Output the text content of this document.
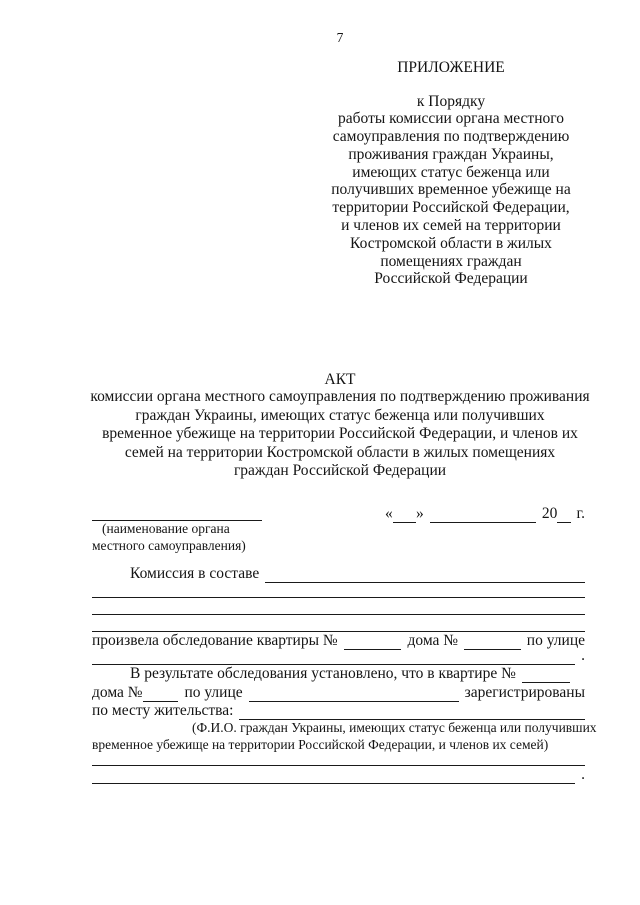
7
ПРИЛОЖЕНИЕ
к Порядку
работы комиссии органа местного
самоуправления по подтверждению
проживания граждан Украины,
имеющих статус беженца или
получивших временное убежище на
территории Российской Федерации,
и членов их семей на территории
Костромской области в жилых
помещениях граждан
Российской Федерации
АКТ
комиссии органа местного самоуправления по подтверждению проживания
граждан Украины, имеющих статус беженца или получивших
временное убежище на территории Российской Федерации, и членов их
семей на территории Костромской области в жилых помещениях
граждан Российской Федерации
« »	20 г.
(наименование органа
местного самоуправления)
Комиссия в составе
произвела обследование квартиры №	дома №	по улице
.
В результате обследования установлено, что в квартире №
дома №	по улице	зарегистрированы
по месту жительства:
(Ф.И.О. граждан Украины, имеющих статус беженца или получивших
временное убежище на территории Российской Федерации, и членов их семей)
.
